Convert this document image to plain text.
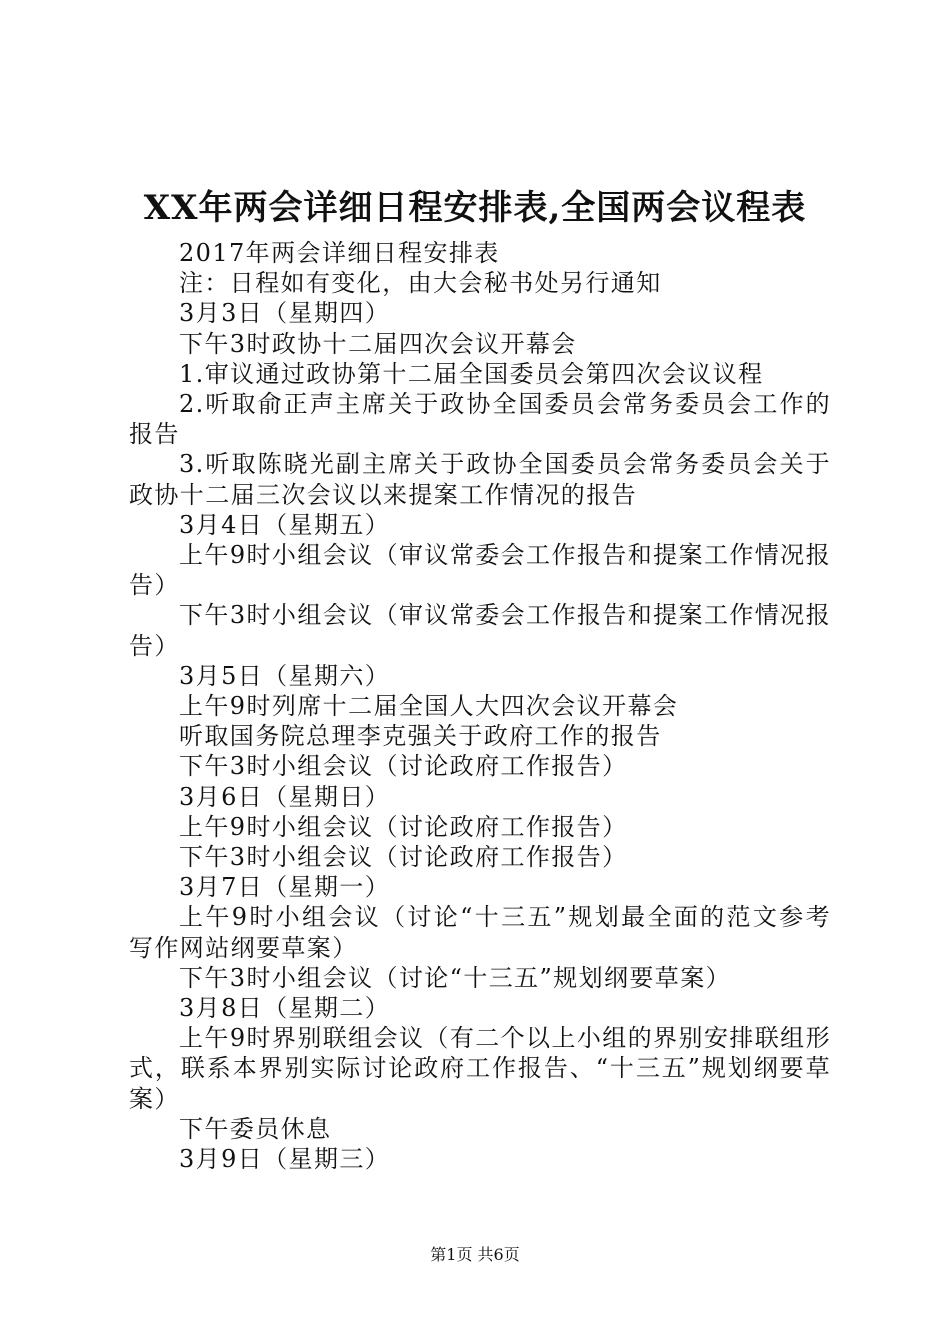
XX年两会详细日程安排表,全国两会议程表

2017年两会详细日程安排表

注：日程如有变化，由大会秘书处另行通知

3月3日（星期四）

下午3时政协十二届四次会议开幕会

1.审议通过政协第十二届全国委员会第四次会议议程

2.听取俞正声主席关于政协全国委员会常务委员会工作的报告

3.听取陈晓光副主席关于政协全国委员会常务委员会关于政协十二届三次会议以来提案工作情况的报告

3月4日（星期五）

上午9时小组会议（审议常委会工作报告和提案工作情况报告）

下午3时小组会议（审议常委会工作报告和提案工作情况报告）

3月5日（星期六）

上午9时列席十二届全国人大四次会议开幕会

听取国务院总理李克强关于政府工作的报告

下午3时小组会议（讨论政府工作报告）

3月6日（星期日）

上午9时小组会议（讨论政府工作报告）

下午3时小组会议（讨论政府工作报告）

3月7日（星期一）

上午9时小组会议（讨论“十三五”规划最全面的范文参考写作网站纲要草案）

下午3时小组会议（讨论“十三五”规划纲要草案）

3月8日（星期二）

上午9时界别联组会议（有二个以上小组的界别安排联组形式，联系本界别实际讨论政府工作报告、“十三五”规划纲要草案）

下午委员休息

3月9日（星期三）

第1页 共6页
